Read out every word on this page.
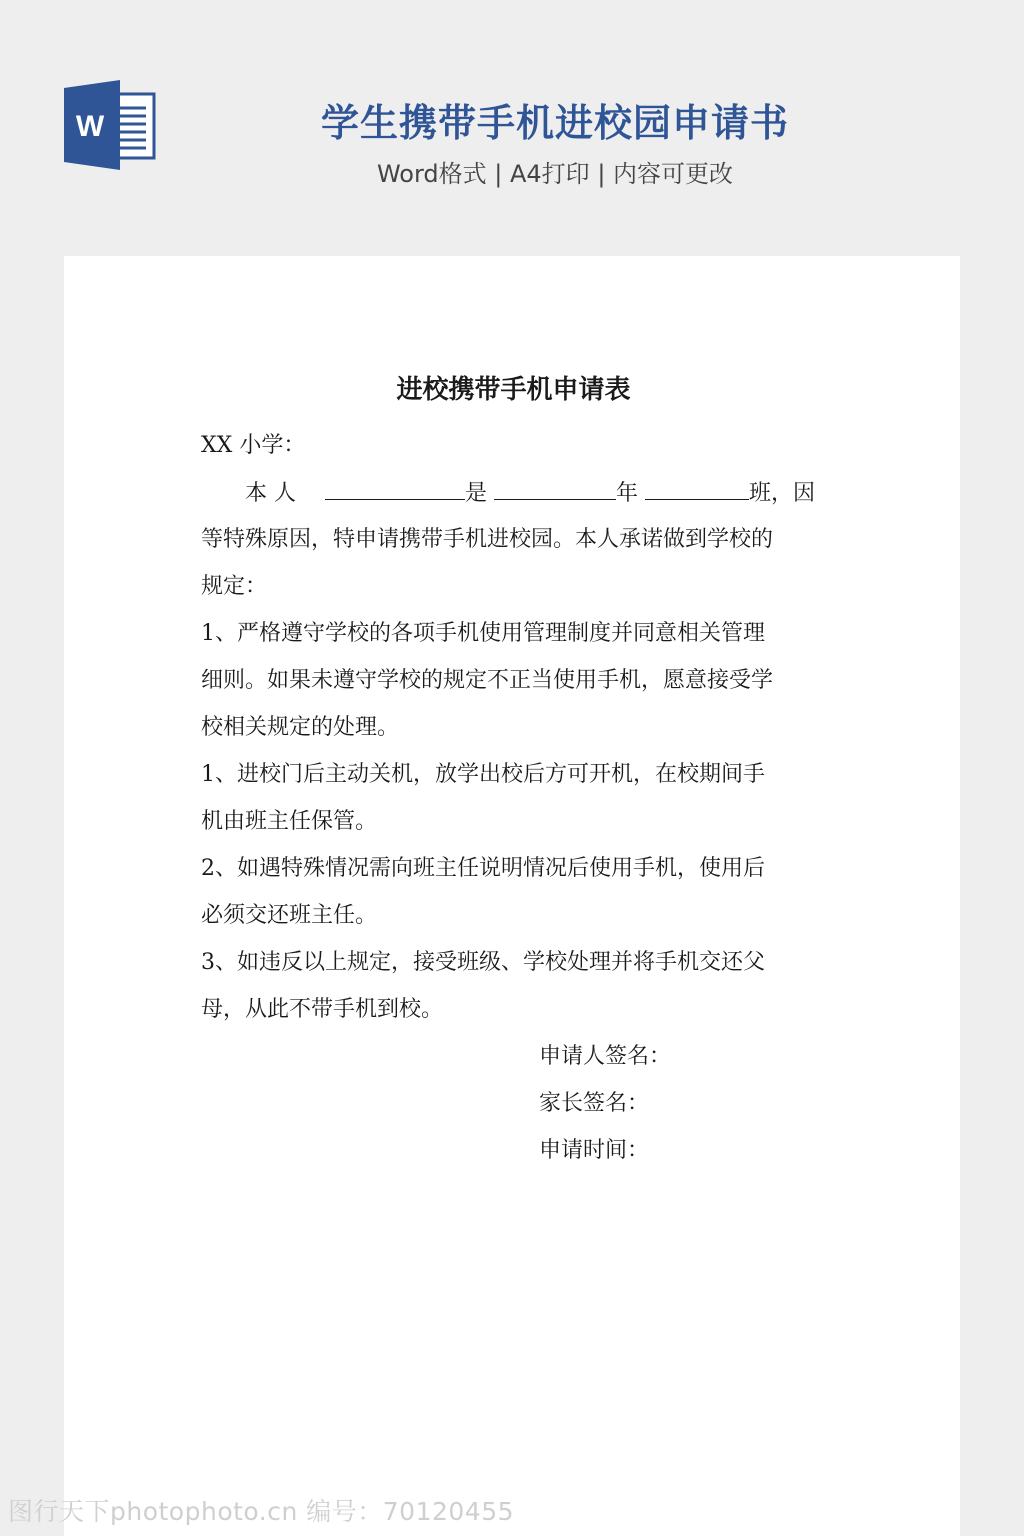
W	学生携带手机进校园申请书
Word格式 | A4打印 | 内容可更改
进校携带手机申请表
XX 小学：
本 人	是	年	班，因
等特殊原因，特申请携带手机进校园。本人承诺做到学校的
规定：
1、严格遵守学校的各项手机使用管理制度并同意相关管理
细则。如果未遵守学校的规定不正当使用手机，愿意接受学
校相关规定的处理。
1、进校门后主动关机，放学出校后方可开机，在校期间手
机由班主任保管。
2、如遇特殊情况需向班主任说明情况后使用手机，使用后
必须交还班主任。
3、如违反以上规定，接受班级、学校处理并将手机交还父
母，从此不带手机到校。
申请人签名：
家长签名：
申请时间：
图行天下photophoto.cn 编号：70120455
